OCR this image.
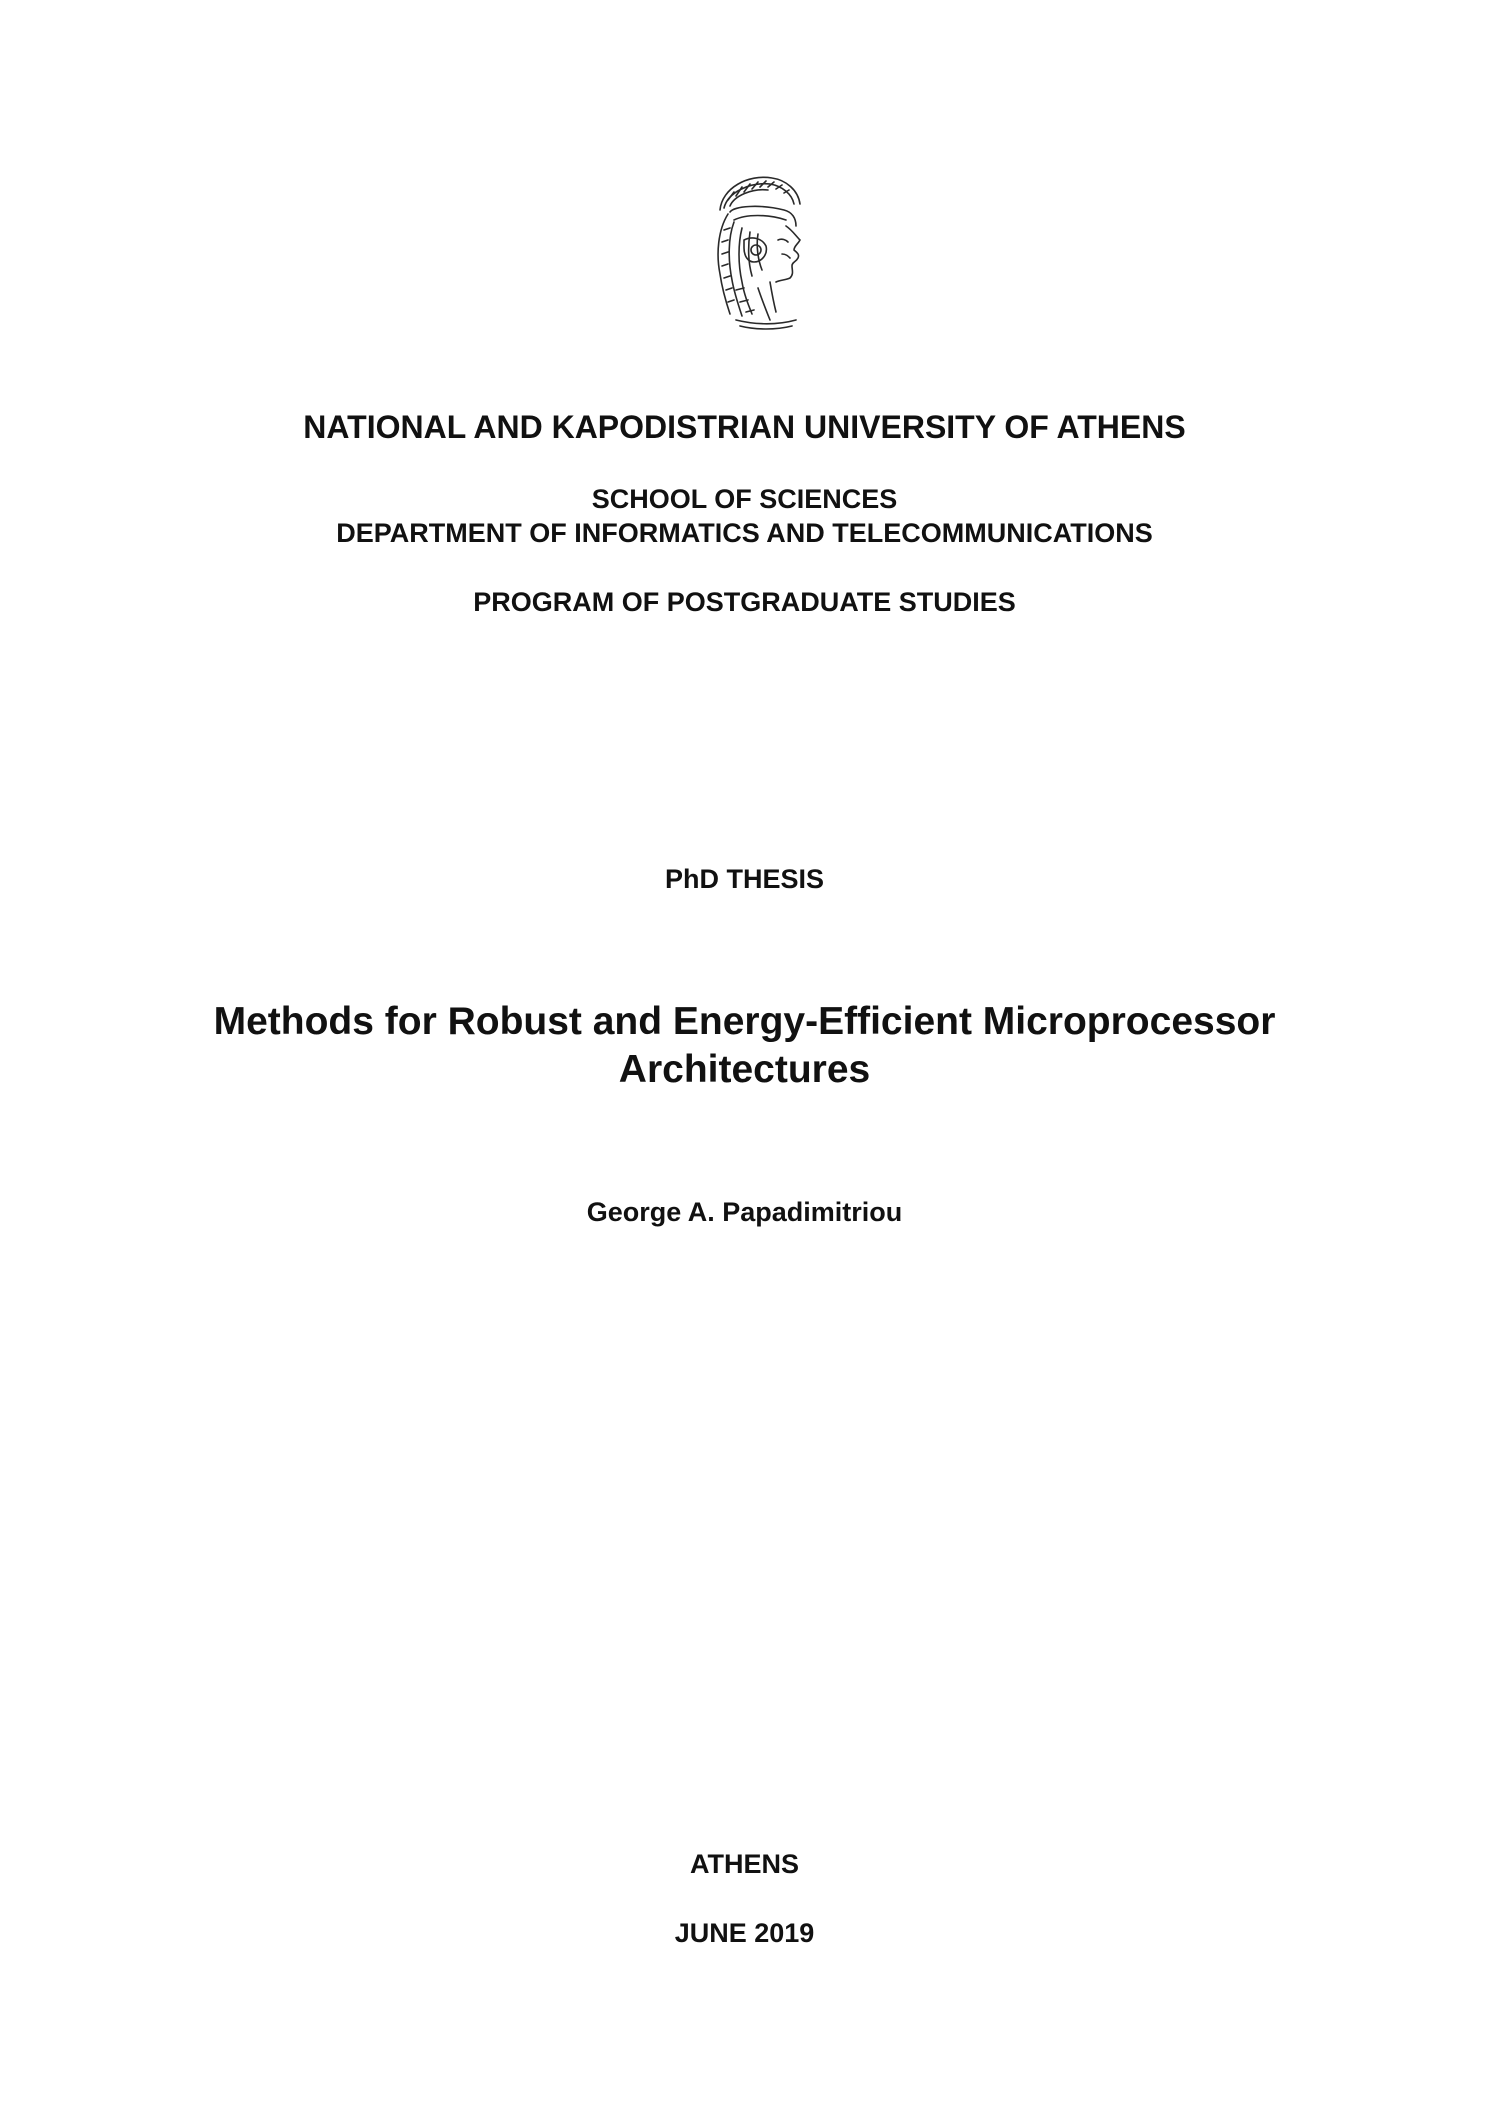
NATIONAL AND KAPODISTRIAN UNIVERSITY OF ATHENS
SCHOOL OF SCIENCES
DEPARTMENT OF INFORMATICS AND TELECOMMUNICATIONS
PROGRAM OF POSTGRADUATE STUDIES
PhD THESIS
Methods for Robust and Energy-Efficient Microprocessor
Architectures
George A. Papadimitriou
ATHENS
JUNE 2019
